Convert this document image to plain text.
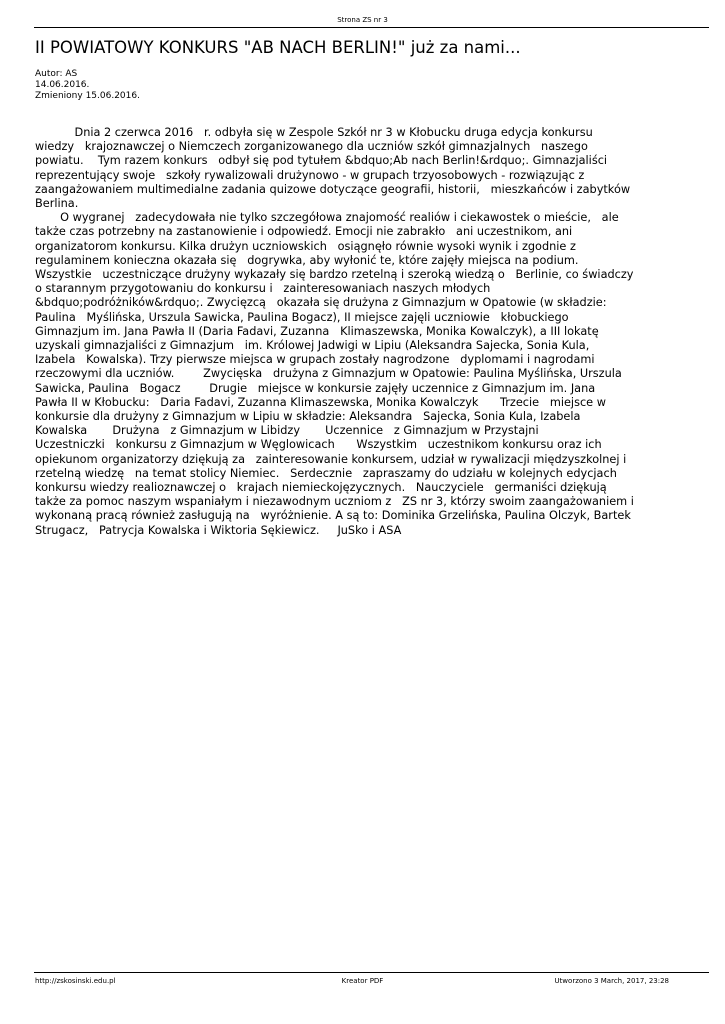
Strona ZS nr 3
II POWIATOWY KONKURS "AB NACH BERLIN!" już za nami...
Autor: AS
14.06.2016.
Zmieniony 15.06.2016.
Dnia 2 czerwca 2016   r. odbyła się w Zespole Szkół nr 3 w Kłobucku druga edycja konkursu
wiedzy   krajoznawczej o Niemczech zorganizowanego dla uczniów szkół gimnazjalnych   naszego
powiatu.    Tym razem konkurs   odbył się pod tytułem &bdquo;Ab nach Berlin!&rdquo;. Gimnazjaliści
reprezentujący swoje   szkoły rywalizowali drużynowo - w grupach trzyosobowych - rozwiązując z
zaangażowaniem multimedialne zadania quizowe dotyczące geografii, historii,   mieszkańców i zabytków
Berlina.
O wygranej   zadecydowała nie tylko szczegółowa znajomość realiów i ciekawostek o mieście,   ale
także czas potrzebny na zastanowienie i odpowiedź. Emocji nie zabrakło   ani uczestnikom, ani
organizatorom konkursu. Kilka drużyn uczniowskich   osiągnęło równie wysoki wynik i zgodnie z
regulaminem konieczna okazała się   dogrywka, aby wyłonić te, które zajęły miejsca na podium.
Wszystkie   uczestniczące drużyny wykazały się bardzo rzetelną i szeroką wiedzą o   Berlinie, co świadczy
o starannym przygotowaniu do konkursu i   zainteresowaniach naszych młodych
&bdquo;podróżników&rdquo;. Zwycięzcą   okazała się drużyna z Gimnazjum w Opatowie (w składzie:
Paulina   Myślińska, Urszula Sawicka, Paulina Bogacz), II miejsce zajęli uczniowie   kłobuckiego
Gimnazjum im. Jana Pawła II (Daria Fadavi, Zuzanna   Klimaszewska, Monika Kowalczyk), a III lokatę
uzyskali gimnazjaliści z Gimnazjum   im. Królowej Jadwigi w Lipiu (Aleksandra Sajecka, Sonia Kula,
Izabela   Kowalska). Trzy pierwsze miejsca w grupach zostały nagrodzone   dyplomami i nagrodami
rzeczowymi dla uczniów.        Zwycięska   drużyna z Gimnazjum w Opatowie: Paulina Myślińska, Urszula
Sawicka, Paulina   Bogacz        Drugie   miejsce w konkursie zajęły uczennice z Gimnazjum im. Jana
Pawła II w Kłobucku:   Daria Fadavi, Zuzanna Klimaszewska, Monika Kowalczyk      Trzecie   miejsce w
konkursie dla drużyny z Gimnazjum w Lipiu w składzie: Aleksandra   Sajecka, Sonia Kula, Izabela
Kowalska       Drużyna   z Gimnazjum w Libidzy       Uczennice   z Gimnazjum w Przystajni
Uczestniczki   konkursu z Gimnazjum w Węglowicach      Wszystkim   uczestnikom konkursu oraz ich
opiekunom organizatorzy dziękują za   zainteresowanie konkursem, udział w rywalizacji międzyszkolnej i
rzetelną wiedzę   na temat stolicy Niemiec.   Serdecznie   zapraszamy do udziału w kolejnych edycjach
konkursu wiedzy realioznawczej o   krajach niemieckojęzycznych.   Nauczyciele   germaniści dziękują
także za pomoc naszym wspaniałym i niezawodnym uczniom z   ZS nr 3, którzy swoim zaangażowaniem i
wykonaną pracą również zasługują na   wyróżnienie. A są to: Dominika Grzelińska, Paulina Olczyk, Bartek
Strugacz,   Patrycja Kowalska i Wiktoria Sękiewicz.     JuSko i ASA
http://zskosinski.edu.pl	Kreator PDF	Utworzono 3 March, 2017, 23:28
